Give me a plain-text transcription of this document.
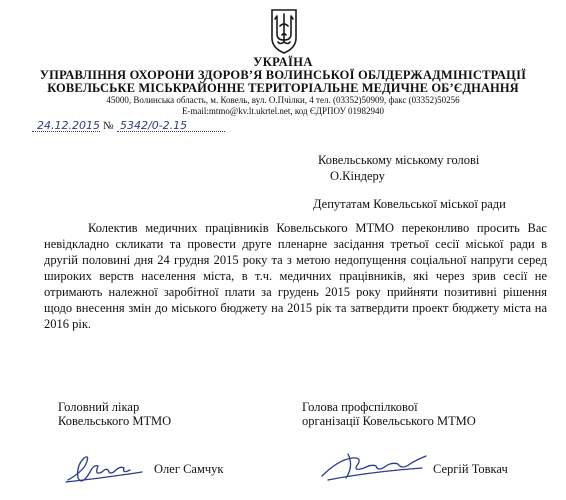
УКРАЇНА
УПРАВЛІННЯ ОХОРОНИ ЗДОРОВ’Я ВОЛИНСЬКОЇ ОБЛДЕРЖАДМІНІСТРАЦІЇ
КОВЕЛЬСЬКЕ МІСЬКРАЙОННЕ ТЕРИТОРІАЛЬНЕ МЕДИЧНЕ ОБ’ЄДНАННЯ
45000, Волинська область, м. Ковель, вул. О.Пчілки, 4 тел. (03352)50909, факс (03352)50256
E-mail:mtmo@kv.lt.ukrtel.net, код ЄДРПОУ 01982940
24.12.2015 № 5342/0-2.15
Ковельському міському голові
О.Кіндеру
Депутатам Ковельської міської ради
Колектив медичних працівників Ковельського МТМО переконливо просить Вас невідкладно скликати та провести друге пленарне засідання третьої сесії міської ради в другій половині дня 24 грудня 2015 року та з метою недопущення соціальної напруги серед широких верств населення міста, в т.ч. медичних працівників, які через зрив сесії не отримають належної заробітної плати за грудень 2015 року прийняти позитивні рішення щодо внесення змін до міського бюджету на 2015 рік та затвердити проект бюджету міста на 2016 рік.
Головний лікар
Ковельського МТМО
Голова профспілкової
організації Ковельського МТМО
Олег Самчук	Сергій Товкач
